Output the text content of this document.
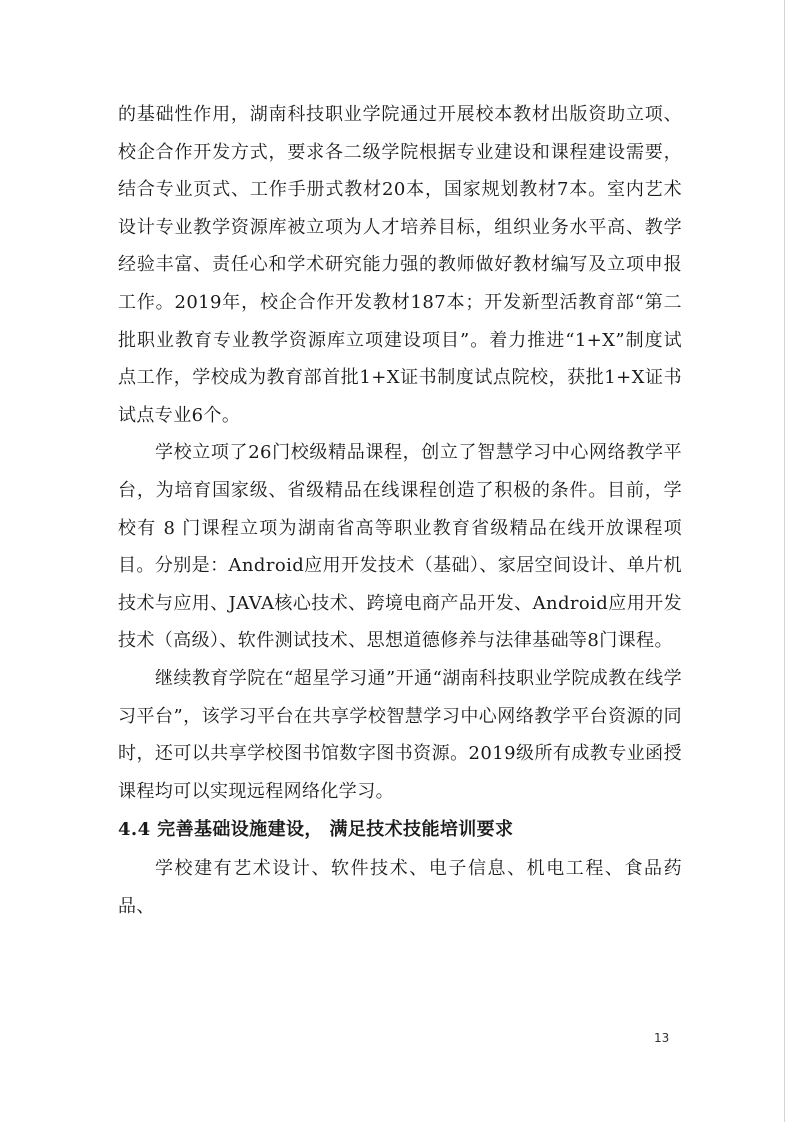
的基础性作用，湖南科技职业学院通过开展校本教材出版资助立项、校企合作开发方式，要求各二级学院根据专业建设和课程建设需要，结合专业页式、工作手册式教材20本，国家规划教材7本。室内艺术设计专业教学资源库被立项为人才培养目标，组织业务水平高、教学经验丰富、责任心和学术研究能力强的教师做好教材编写及立项申报工作。2019年，校企合作开发教材187本；开发新型活教育部“第二批职业教育专业教学资源库立项建设项目”。着力推进“1+X”制度试点工作，学校成为教育部首批1+X证书制度试点院校，获批1+X证书试点专业6个。

学校立项了26门校级精品课程，创立了智慧学习中心网络教学平台，为培育国家级、省级精品在线课程创造了积极的条件。目前，学校有 8 门课程立项为湖南省高等职业教育省级精品在线开放课程项目。分别是：Android应用开发技术（基础）、家居空间设计、单片机技术与应用、JAVA核心技术、跨境电商产品开发、Android应用开发技术（高级）、软件测试技术、思想道德修养与法律基础等8门课程。

继续教育学院在“超星学习通”开通“湖南科技职业学院成教在线学习平台”，该学习平台在共享学校智慧学习中心网络教学平台资源的同时，还可以共享学校图书馆数字图书资源。2019级所有成教专业函授课程均可以实现远程网络化学习。

4.4 完善基础设施建设， 满足技术技能培训要求

学校建有艺术设计、软件技术、电子信息、机电工程、食品药品、

13
